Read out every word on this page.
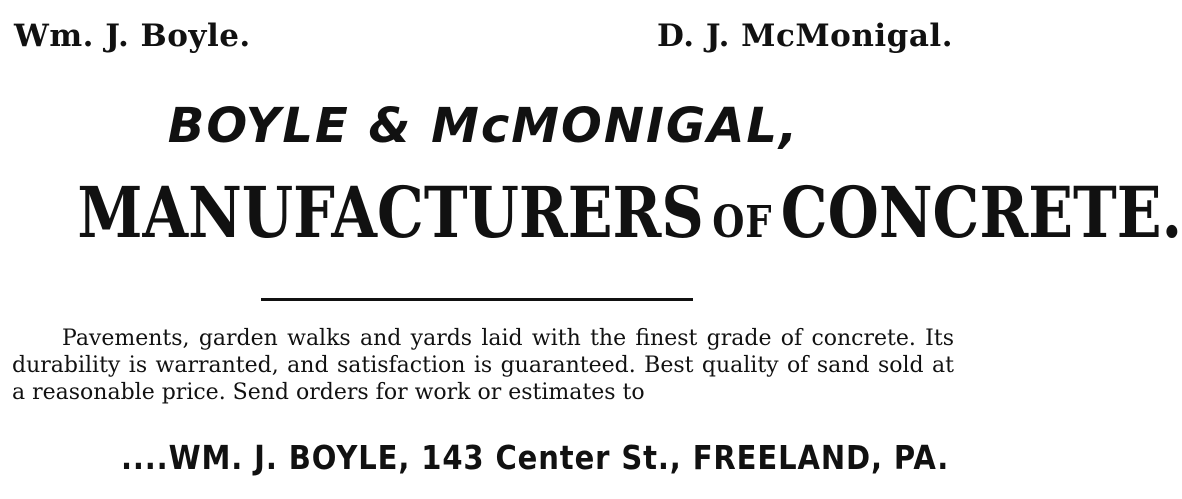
Wm. J. Boyle.	D. J. McMonigal.
BOYLE & McMONIGAL,
MANUFACTURERS OF CONCRETE.

Pavements, garden walks and yards laid with the finest grade of concrete. Its durability is warranted, and satisfaction is guaranteed. Best quality of sand sold at a reasonable price. Send orders for work or estimates to

....WM. J. BOYLE, 143 Center St., FREELAND, PA.
